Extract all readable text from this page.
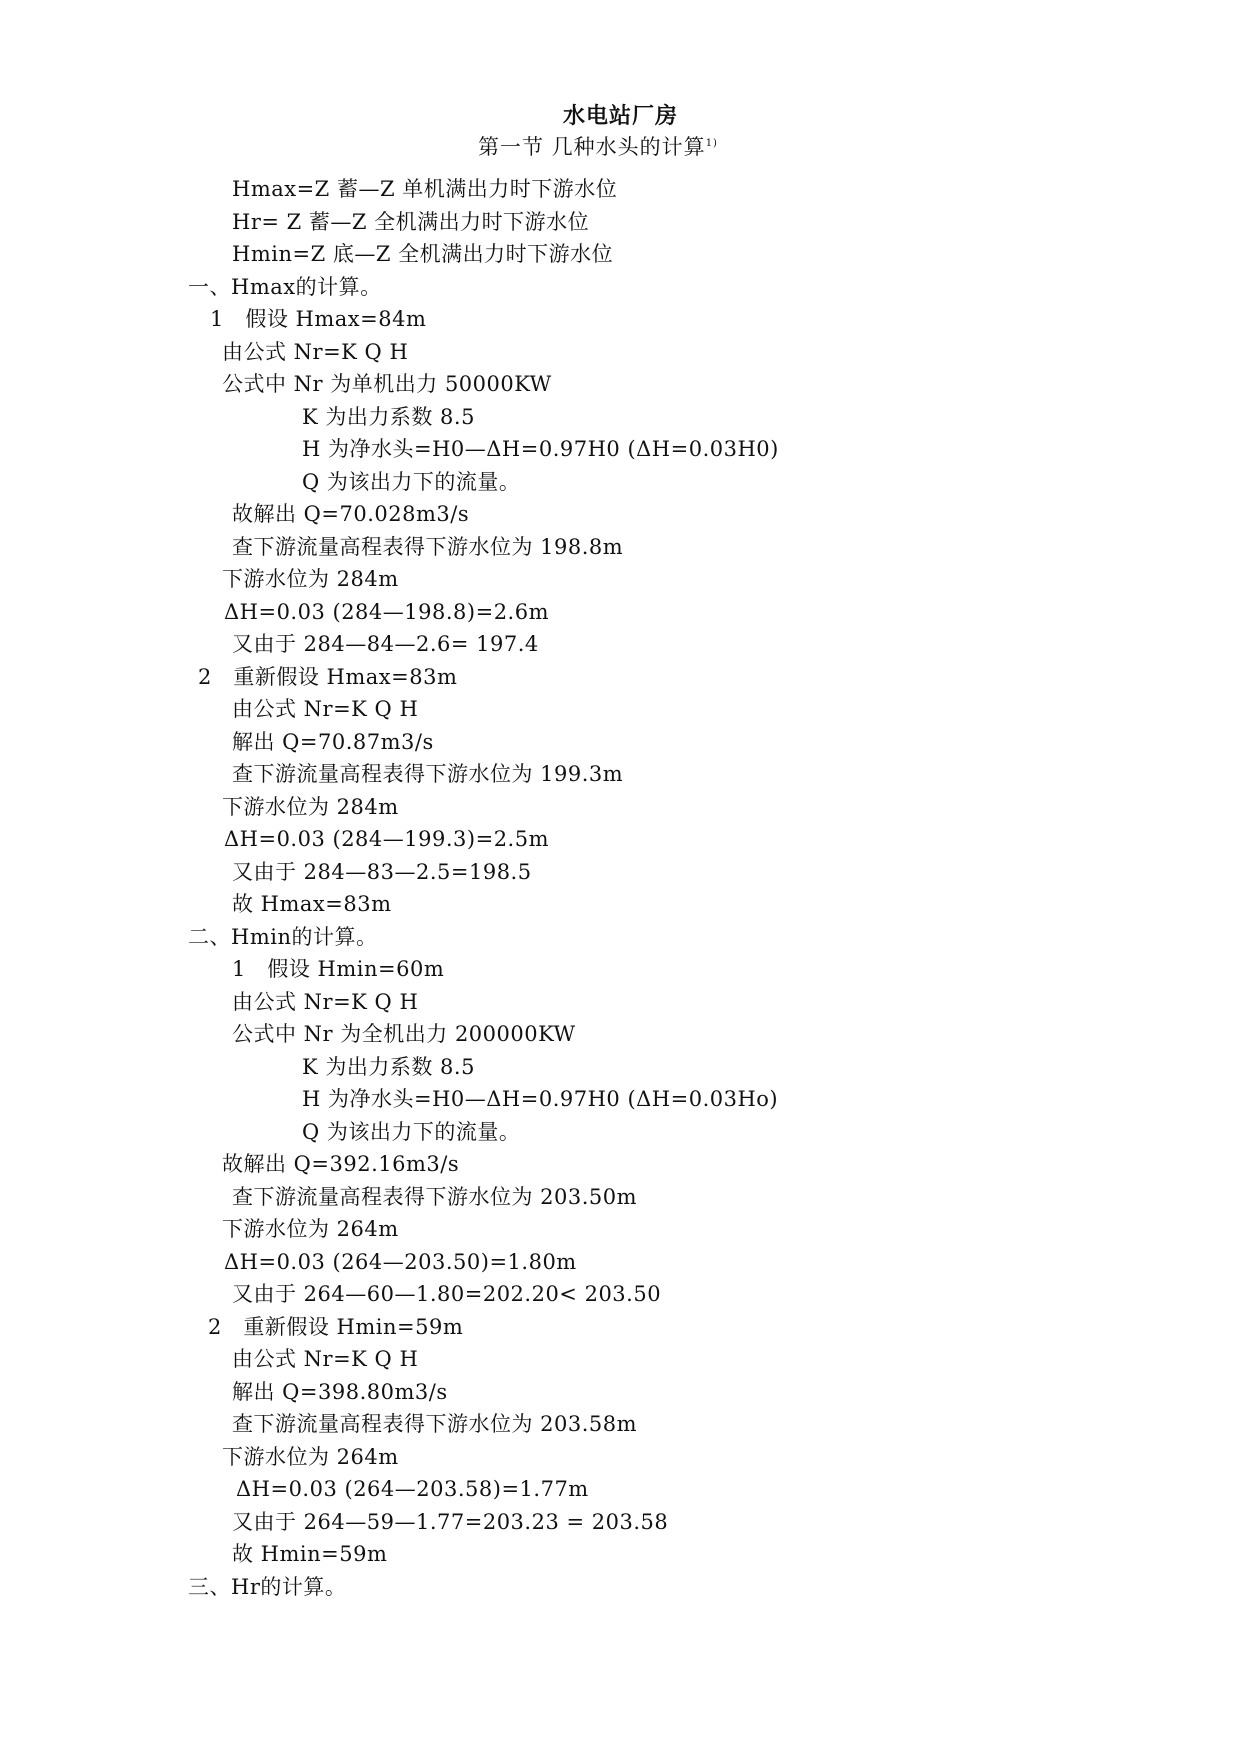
水电站厂房
第一节 几种水头的计算$^{1)}$
Hmax=Z 蓄—Z 单机满出力时下游水位
Hr= Z 蓄—Z 全机满出力时下游水位
Hmin=Z 底—Z 全机满出力时下游水位
一、Hmax的计算。
1   假设 Hmax=84m
由公式 Nr=K Q H
公式中 Nr 为单机出力 50000KW
K 为出力系数 8.5
H 为净水头=H0—ΔH=0.97H0 (ΔH=0.03H0)
Q 为该出力下的流量。
故解出 Q=70.028m3/s
查下游流量高程表得下游水位为 198.8m
下游水位为 284m
ΔH=0.03 (284—198.8)=2.6m
又由于 284—84—2.6= 197.4
2   重新假设 Hmax=83m
由公式 Nr=K Q H
解出 Q=70.87m3/s
查下游流量高程表得下游水位为 199.3m
下游水位为 284m
ΔH=0.03 (284—199.3)=2.5m
又由于 284—83—2.5=198.5
故 Hmax=83m
二、Hmin的计算。
1   假设 Hmin=60m
由公式 Nr=K Q H
公式中 Nr 为全机出力 200000KW
K 为出力系数 8.5
H 为净水头=H0—ΔH=0.97H0 (ΔH=0.03Ho)
Q 为该出力下的流量。
故解出 Q=392.16m3/s
查下游流量高程表得下游水位为 203.50m
下游水位为 264m
ΔH=0.03 (264—203.50)=1.80m
又由于 264—60—1.80=202.20< 203.50
2   重新假设 Hmin=59m
由公式 Nr=K Q H
解出 Q=398.80m3/s
查下游流量高程表得下游水位为 203.58m
下游水位为 264m
ΔH=0.03 (264—203.58)=1.77m
又由于 264—59—1.77=203.23 = 203.58
故 Hmin=59m
三、Hr的计算。
